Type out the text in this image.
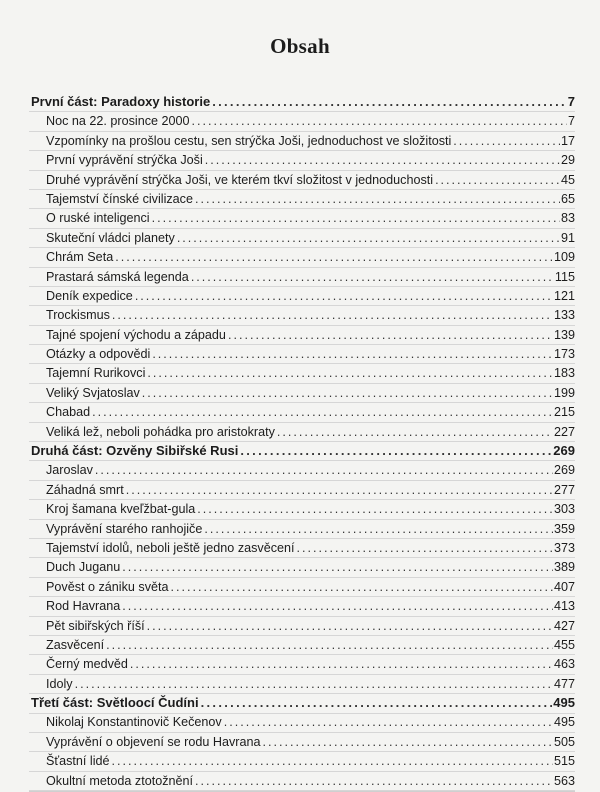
Obsah
První část: Paradoxy historie .....	7
Noc na 22. prosince 2000 .....	7
Vzpomínky na prošlou cestu, sen strýčka Joši, jednoduchost ve složitosti .....	17
První vyprávění strýčka Joši .....	29
Druhé vyprávění strýčka Joši, ve kterém tkví složitost v jednoduchosti .....	45
Tajemství čínské civilizace .....	65
O ruské inteligenci .....	83
Skuteční vládci planety .....	91
Chrám Seta .....	109
Prastará sámská legenda .....	115
Deník expedice .....	121
Trockismus .....	133
Tajné spojení východu a západu .....	139
Otázky a odpovědi .....	173
Tajemní Rurikovci .....	183
Veliký Svjatoslav .....	199
Chabad .....	215
Veliká lež, neboli pohádka pro aristokraty .....	227
Druhá část: Ozvěny Sibiřské Rusi .....	269
Jaroslav .....	269
Záhadná smrt .....	277
Kroj šamana kveľžbat-gula .....	303
Vyprávění starého ranhojiče .....	359
Tajemství idolů, neboli ještě jedno zasvěcení .....	373
Duch Juganu .....	389
Pověst o zániku světa .....	407
Rod Havrana .....	413
Pět sibiřských říší .....	427
Zasvěcení .....	455
Černý medvěd .....	463
Idoly .....	477
Třetí část: Světloocí Čudíni .....	495
Nikolaj Konstantinovič Kečenov .....	495
Vyprávění o objevení se rodu Havrana .....	505
Šťastní lidé .....	515
Okultní metoda ztotožnění .....	563
